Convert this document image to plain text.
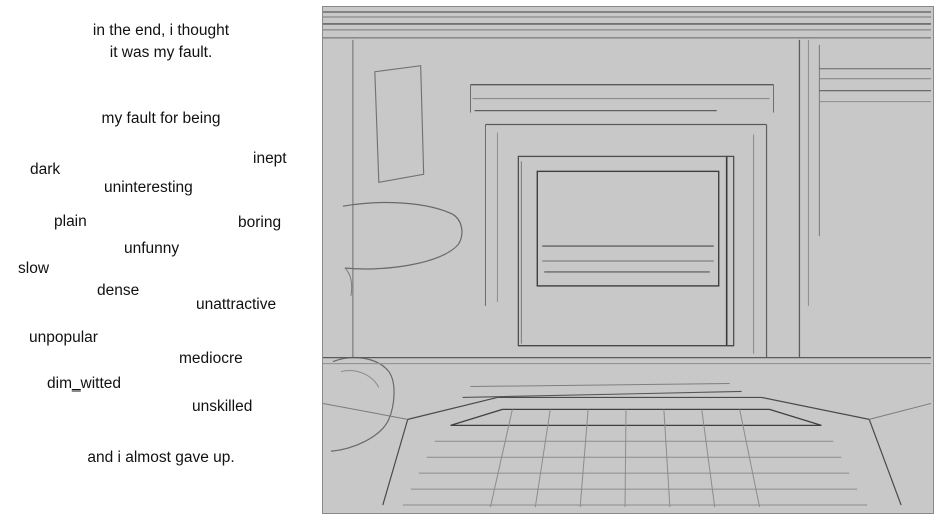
in the end, i thought
it was my fault.
my fault for being
inept
dark
uninteresting
plain	boring
unfunny
slow
dense
unattractive
unpopular
mediocre
dim‗witted
unskilled
and i almost gave up.
